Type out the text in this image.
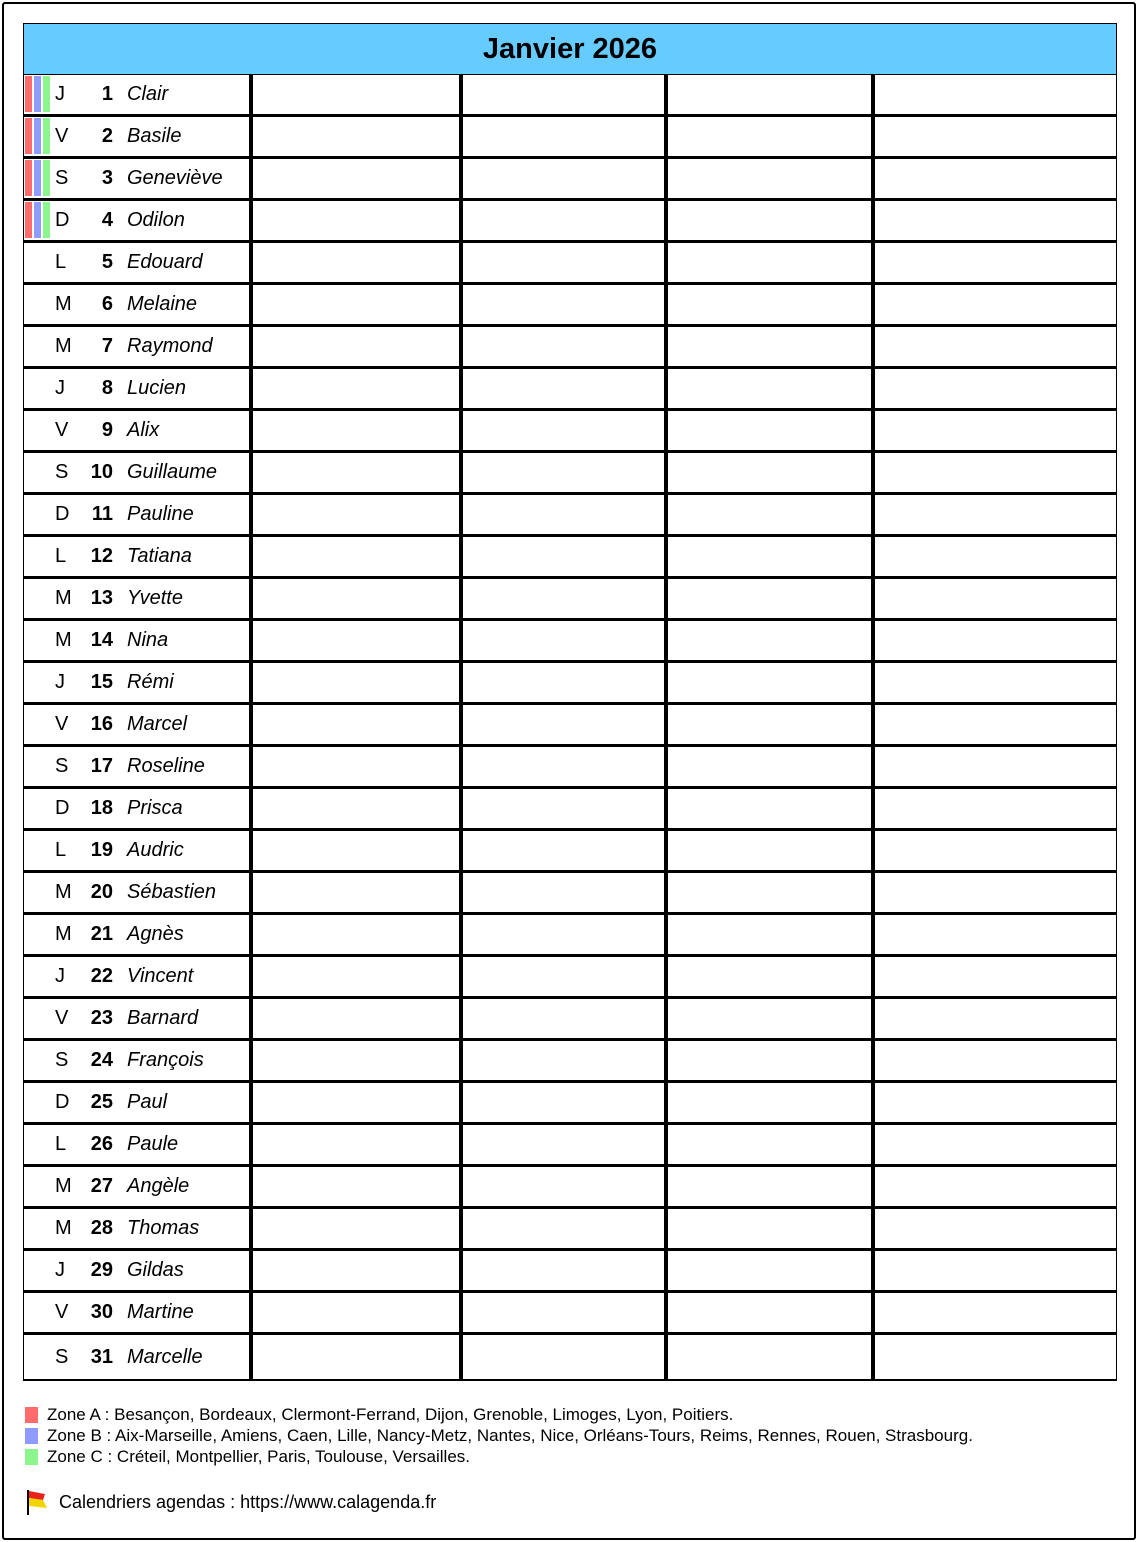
Janvier 2026
J	1 Clair
V	2 Basile
S	3 Geneviève
D	4 Odilon
L	5 Edouard
M	6 Melaine
M	7 Raymond
J	8 Lucien
V	9 Alix
S	10 Guillaume
D	11 Pauline
L	12 Tatiana
M 13 Yvette
M 14 Nina
J	15 Rémi
V	16 Marcel
S	17 Roseline
D	18 Prisca
L	19 Audric
M 20 Sébastien
M 21 Agnès
J	22 Vincent
V	23 Barnard
S	24 François
D	25 Paul
L	26 Paule
M 27 Angèle
M 28 Thomas
J	29 Gildas
V	30 Martine
S	31 Marcelle
Zone A : Besançon, Bordeaux, Clermont-Ferrand, Dijon, Grenoble, Limoges, Lyon, Poitiers.
Zone B : Aix-Marseille, Amiens, Caen, Lille, Nancy-Metz, Nantes, Nice, Orléans-Tours, Reims, Rennes, Rouen, Strasbourg.
Zone C : Créteil, Montpellier, Paris, Toulouse, Versailles.
Calendriers agendas : https://www.calagenda.fr
